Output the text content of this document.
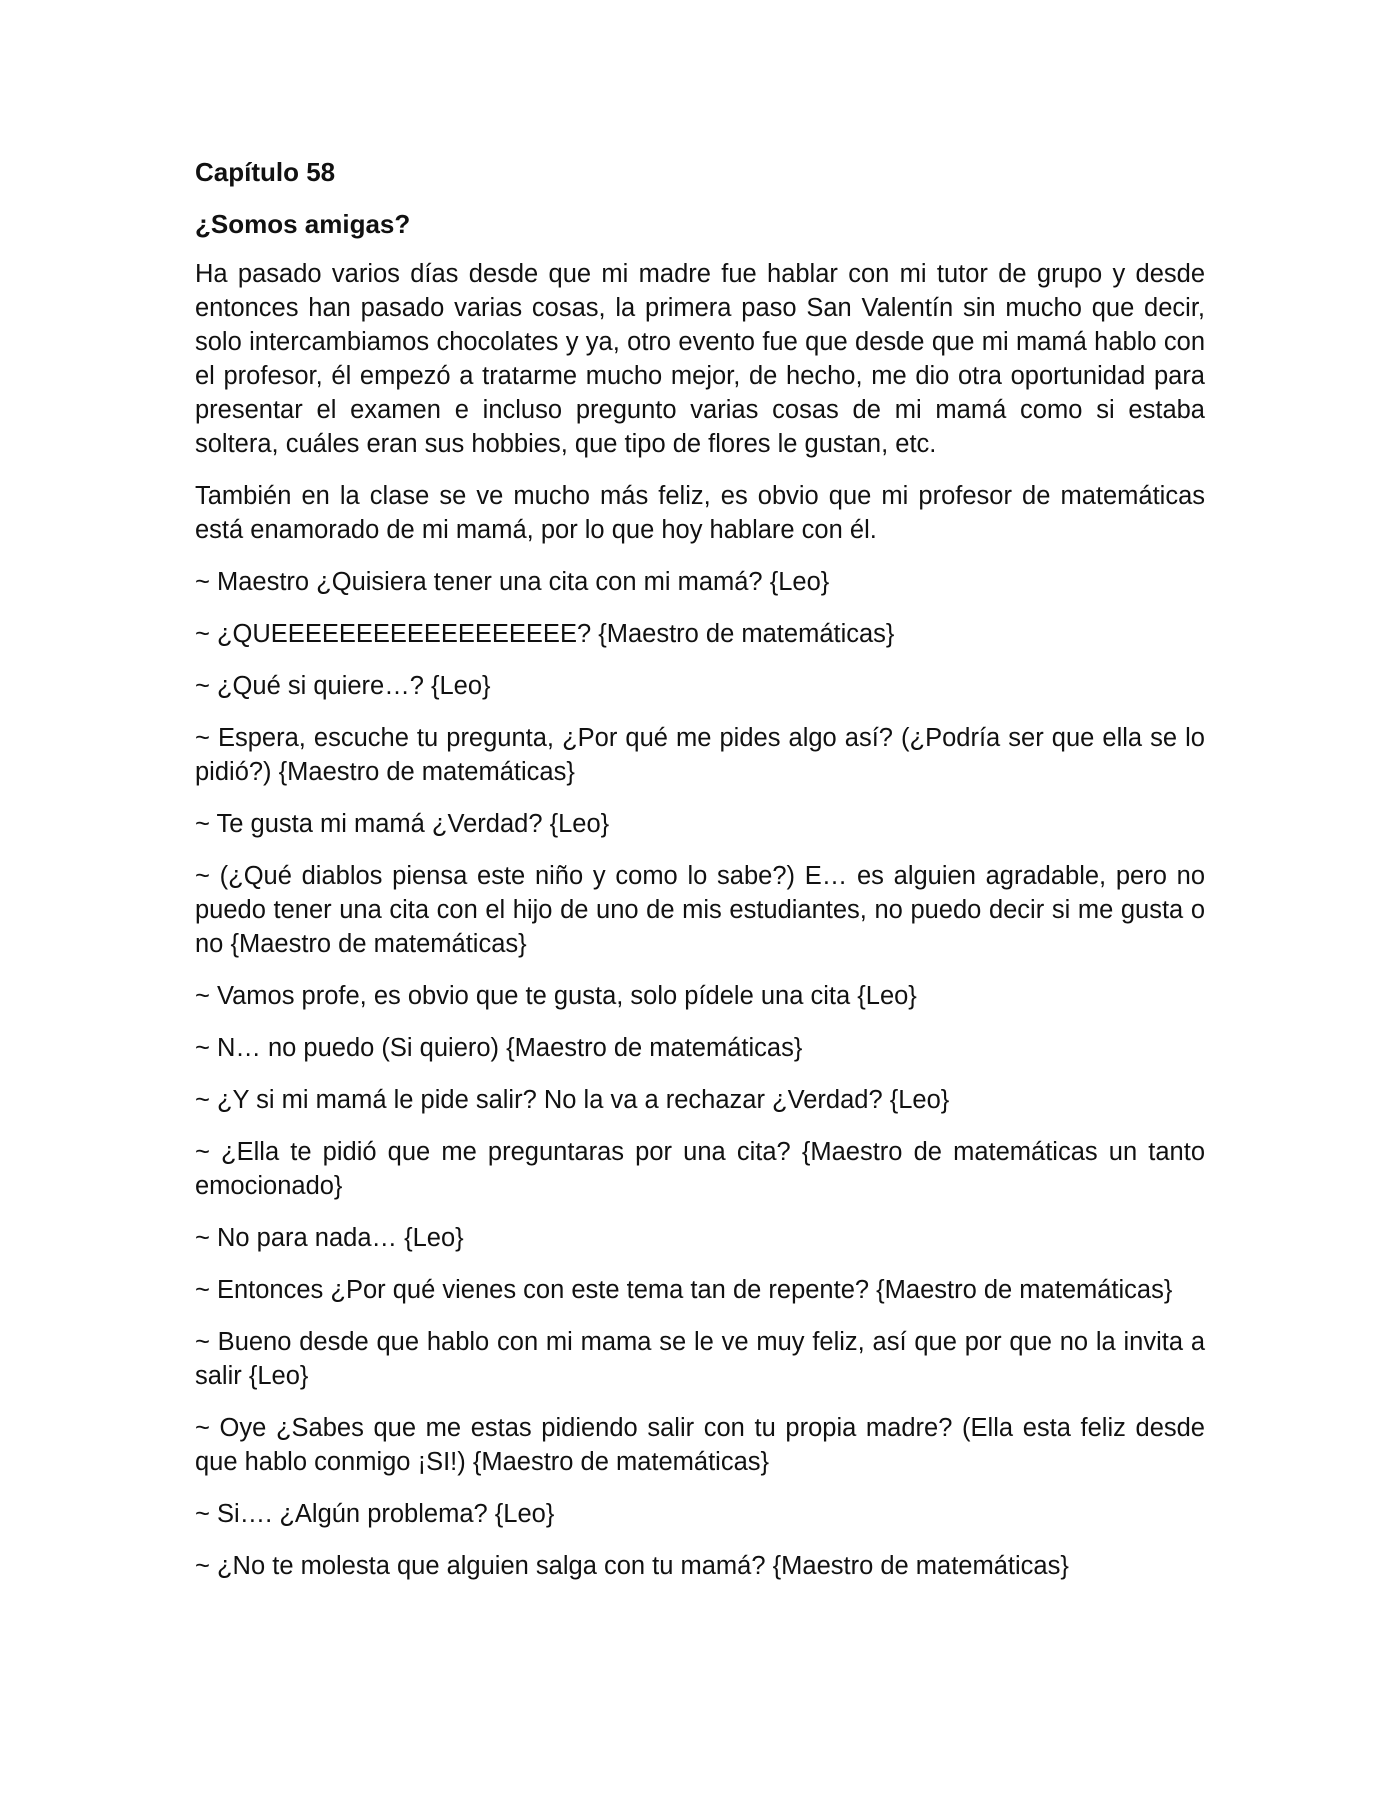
Capítulo 58
¿Somos amigas?

Ha pasado varios días desde que mi madre fue hablar con mi tutor de grupo y desde entonces han pasado varias cosas, la primera paso San Valentín sin mucho que decir, solo intercambiamos chocolates y ya, otro evento fue que desde que mi mamá hablo con el profesor, él empezó a tratarme mucho mejor, de hecho, me dio otra oportunidad para presentar el examen e incluso pregunto varias cosas de mi mamá como si estaba soltera, cuáles eran sus hobbies, que tipo de flores le gustan, etc.

También en la clase se ve mucho más feliz, es obvio que mi profesor de matemáticas está enamorado de mi mamá, por lo que hoy hablare con él.

~ Maestro ¿Quisiera tener una cita con mi mamá? {Leo}

~ ¿QUEEEEEEEEEEEEEEEEEE? {Maestro de matemáticas}

~ ¿Qué si quiere…? {Leo}

~ Espera, escuche tu pregunta, ¿Por qué me pides algo así? (¿Podría ser que ella se lo pidió?) {Maestro de matemáticas}

~ Te gusta mi mamá ¿Verdad? {Leo}

~ (¿Qué diablos piensa este niño y como lo sabe?) E… es alguien agradable, pero no puedo tener una cita con el hijo de uno de mis estudiantes, no puedo decir si me gusta o no {Maestro de matemáticas}

~ Vamos profe, es obvio que te gusta, solo pídele una cita {Leo}

~ N… no puedo (Si quiero) {Maestro de matemáticas}

~ ¿Y si mi mamá le pide salir? No la va a rechazar ¿Verdad? {Leo}

~ ¿Ella te pidió que me preguntaras por una cita? {Maestro de matemáticas un tanto emocionado}

~ No para nada… {Leo}

~ Entonces ¿Por qué vienes con este tema tan de repente? {Maestro de matemáticas}

~ Bueno desde que hablo con mi mama se le ve muy feliz, así que por que no la invita a salir {Leo}

~ Oye ¿Sabes que me estas pidiendo salir con tu propia madre? (Ella esta feliz desde que hablo conmigo ¡SI!) {Maestro de matemáticas}

~ Si…. ¿Algún problema? {Leo}

~ ¿No te molesta que alguien salga con tu mamá? {Maestro de matemáticas}
